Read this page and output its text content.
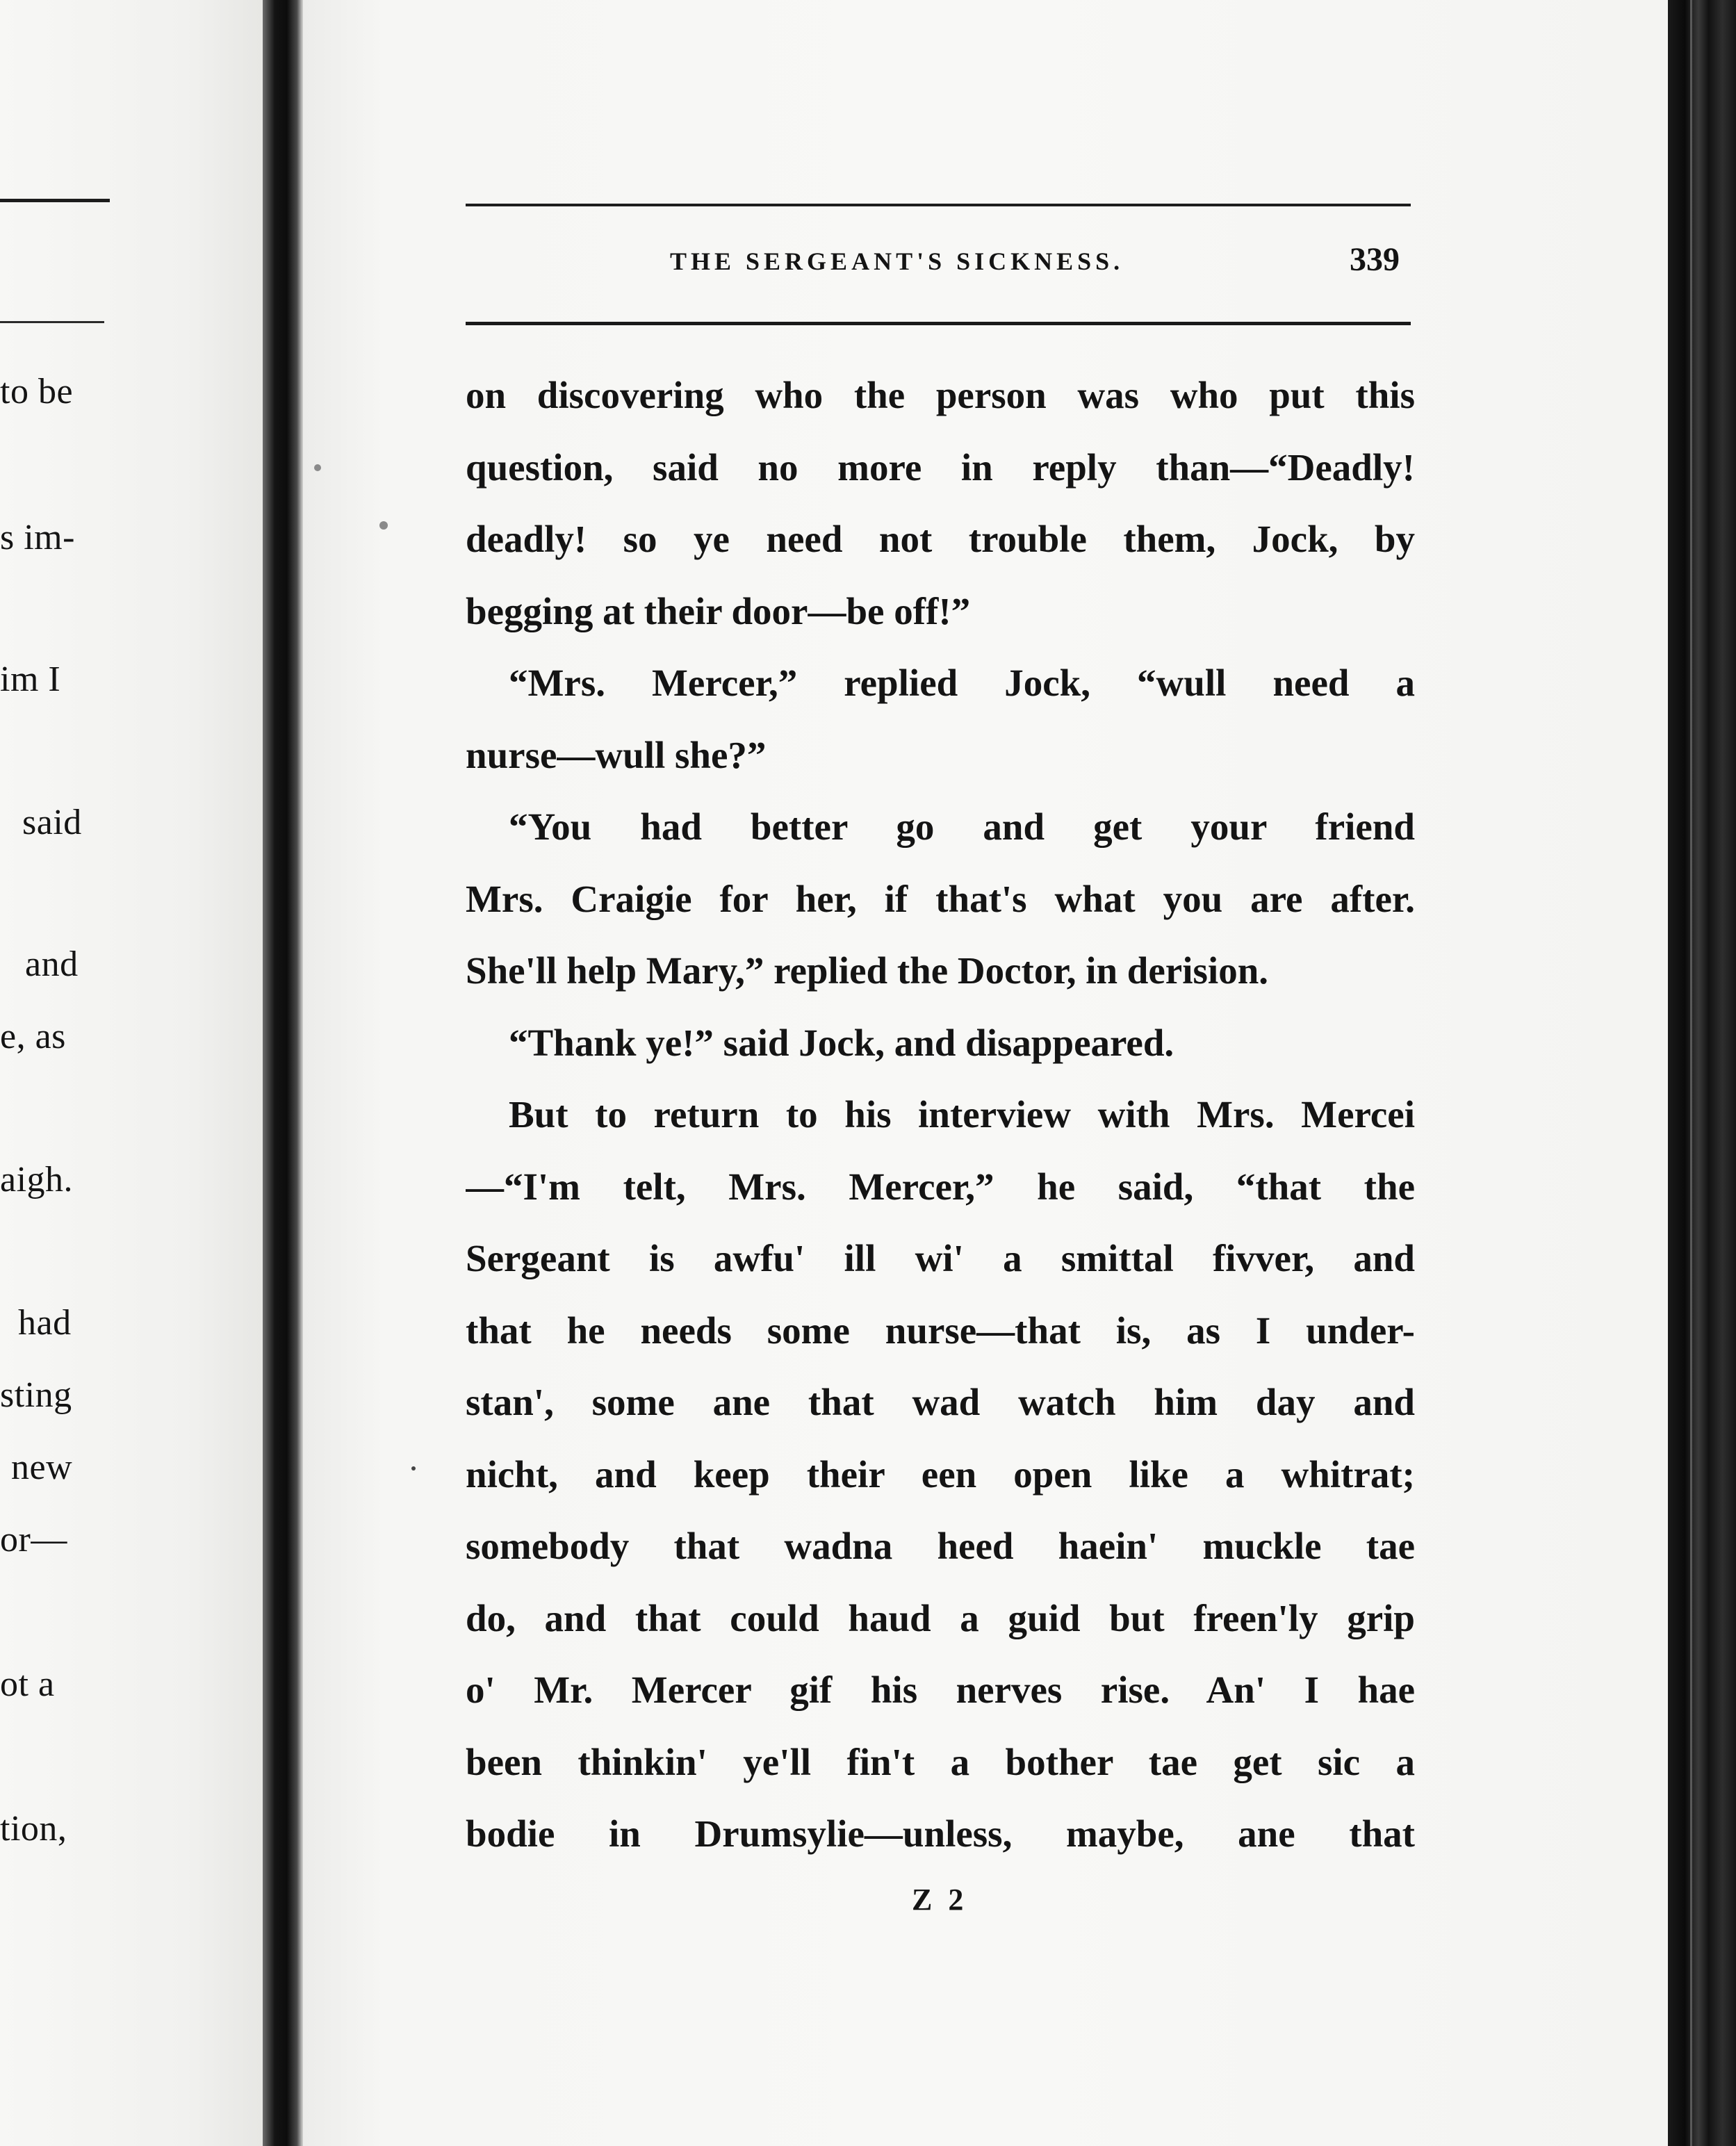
to be
s im-
im I
said
and
e, as
aigh.
had
sting
new
or—
ot a
tion,
THE SERGEANT'S SICKNESS.	339
on discovering who the person was who put this
question, said no more in reply than—“Deadly!
deadly! so ye need not trouble them, Jock, by
begging at their door—be off!”
“Mrs. Mercer,” replied Jock, “wull need a
nurse—wull she?”
“You had better go and get your friend
Mrs. Craigie for her, if that's what you are after.
She'll help Mary,” replied the Doctor, in derision.
“Thank ye!” said Jock, and disappeared.
But to return to his interview with Mrs. Mercei
—“I'm telt, Mrs. Mercer,” he said, “that the
Sergeant is awfu' ill wi' a smittal fivver, and
that he needs some nurse—that is, as I under-
stan', some ane that wad watch him day and
nicht, and keep their een open like a whitrat;
somebody that wadna heed haein' muckle tae
do, and that could haud a guid but freen'ly grip
o' Mr. Mercer gif his nerves rise. An' I hae
been thinkin' ye'll fin't a bother tae get sic a
bodie in Drumsylie—unless, maybe, ane that
Z 2
